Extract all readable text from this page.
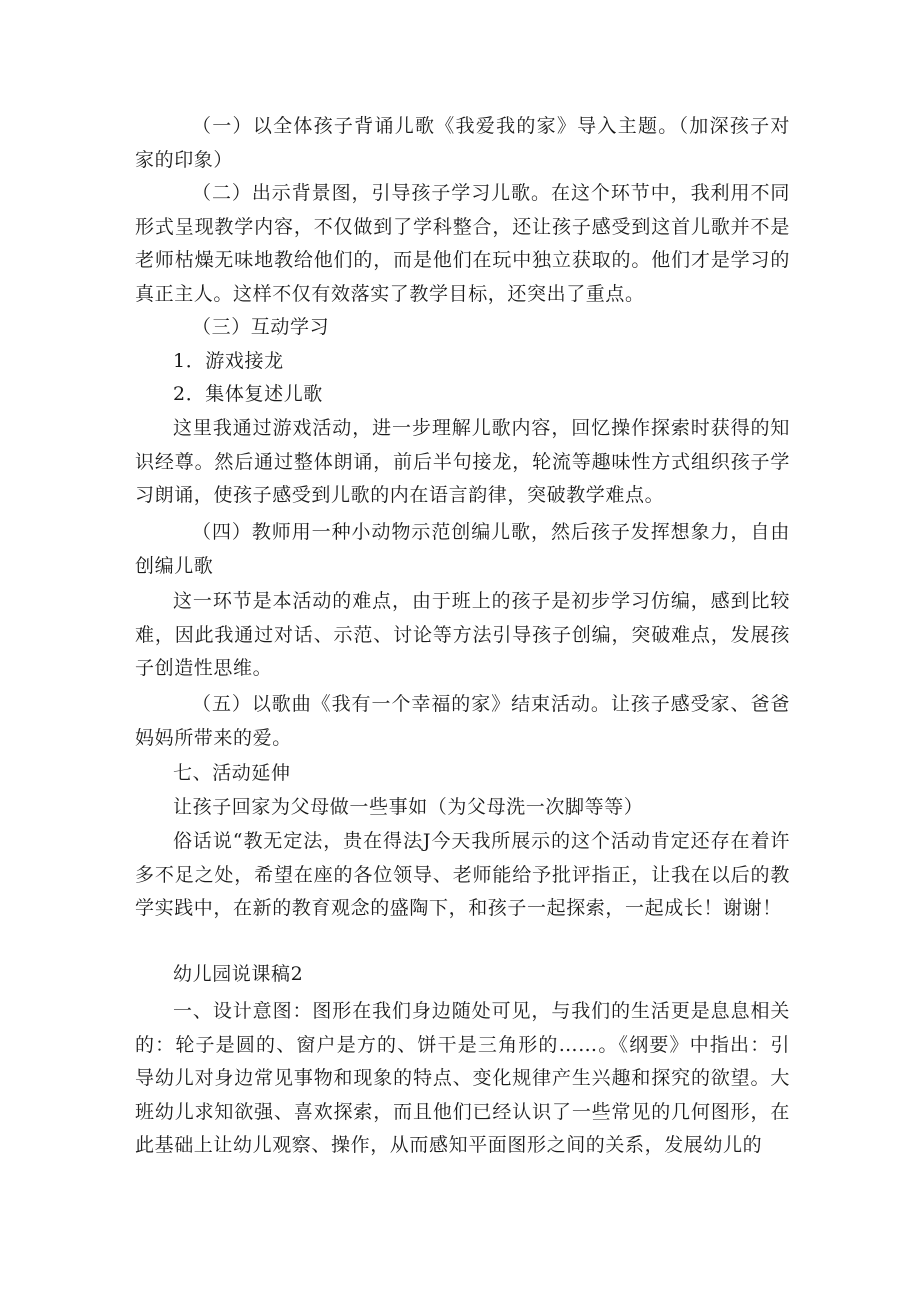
（一）以全体孩子背诵儿歌《我爱我的家》导入主题。（加深孩子对家的印象）

（二）出示背景图，引导孩子学习儿歌。在这个环节中，我利用不同形式呈现教学内容，不仅做到了学科整合，还让孩子感受到这首儿歌并不是老师枯燥无味地教给他们的，而是他们在玩中独立获取的。他们才是学习的真正主人。这样不仅有效落实了教学目标，还突出了重点。

（三）互动学习

1．游戏接龙

2．集体复述儿歌

这里我通过游戏活动，进一步理解儿歌内容，回忆操作探索时获得的知识经尊。然后通过整体朗诵，前后半句接龙，轮流等趣味性方式组织孩子学习朗诵，使孩子感受到儿歌的内在语言韵律，突破教学难点。

（四）教师用一种小动物示范创编儿歌，然后孩子发挥想象力，自由创编儿歌

这一环节是本活动的难点，由于班上的孩子是初步学习仿编，感到比较难，因此我通过对话、示范、讨论等方法引导孩子创编，突破难点，发展孩子创造性思维。

（五）以歌曲《我有一个幸福的家》结束活动。让孩子感受家、爸爸妈妈所带来的爱。

七、活动延伸

让孩子回家为父母做一些事如（为父母洗一次脚等等）

俗话说“教无定法，贵在得法J今天我所展示的这个活动肯定还存在着许多不足之处，希望在座的各位领导、老师能给予批评指正，让我在以后的教学实践中，在新的教育观念的盛陶下，和孩子一起探索，一起成长！谢谢！

幼儿园说课稿2

一、设计意图：图形在我们身边随处可见，与我们的生活更是息息相关的：轮子是圆的、窗户是方的、饼干是三角形的……。《纲要》中指出：引导幼儿对身边常见事物和现象的特点、变化规律产生兴趣和探究的欲望。大班幼儿求知欲强、喜欢探索，而且他们已经认识了一些常见的几何图形，在此基础上让幼儿观察、操作，从而感知平面图形之间的关系，发展幼儿的
